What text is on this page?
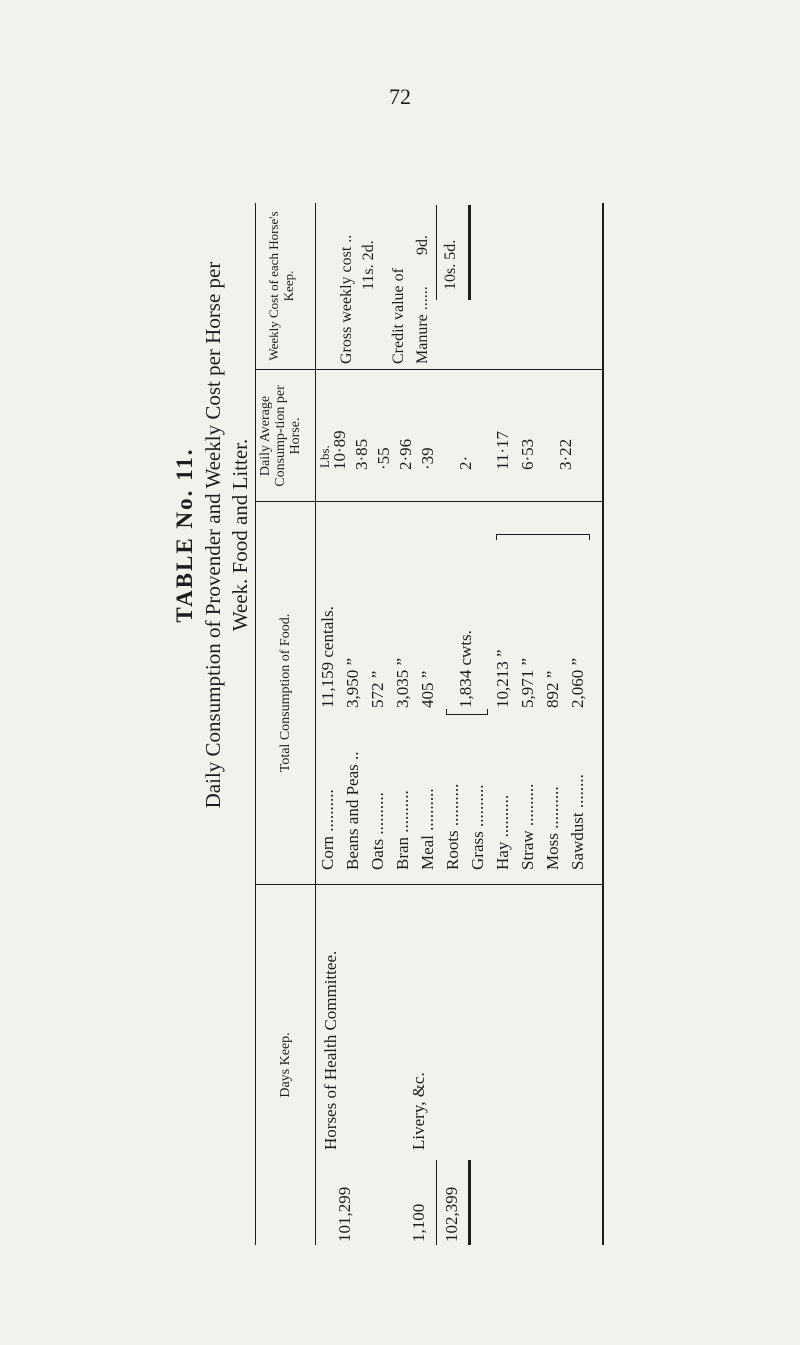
72
TABLE No. 11. Daily Consumption of Provender and Weekly Cost per Horse per Week. Food and Litter.
Days Keep.
Total Consumption of Food.
Daily Average Consump-tion per Horse.
Weekly Cost of each Horse's Keep.
101,299
Horses of Health Committee.
1,100
Livery, &c.
102,399
Corn .......... Beans and Peas .. Oats .......... Bran .......... Meal .......... Roots .......... Grass .......... Hay .......... Straw .......... Moss .......... Sawdust ........
11,159 centals.
3,950 ”
572 ” 3,035 ”
405 ” 1,834 cwts.
10,213 ”
5,971 ”
892 ” 2,060 ”
Lbs.
10·89 3·85 ·55 2·96 ·39 2· 11·17 6·53 3·22
Gross weekly cost .. 11s. 2d.
Credit value of Manure ......
9d. 10s. 5d.
